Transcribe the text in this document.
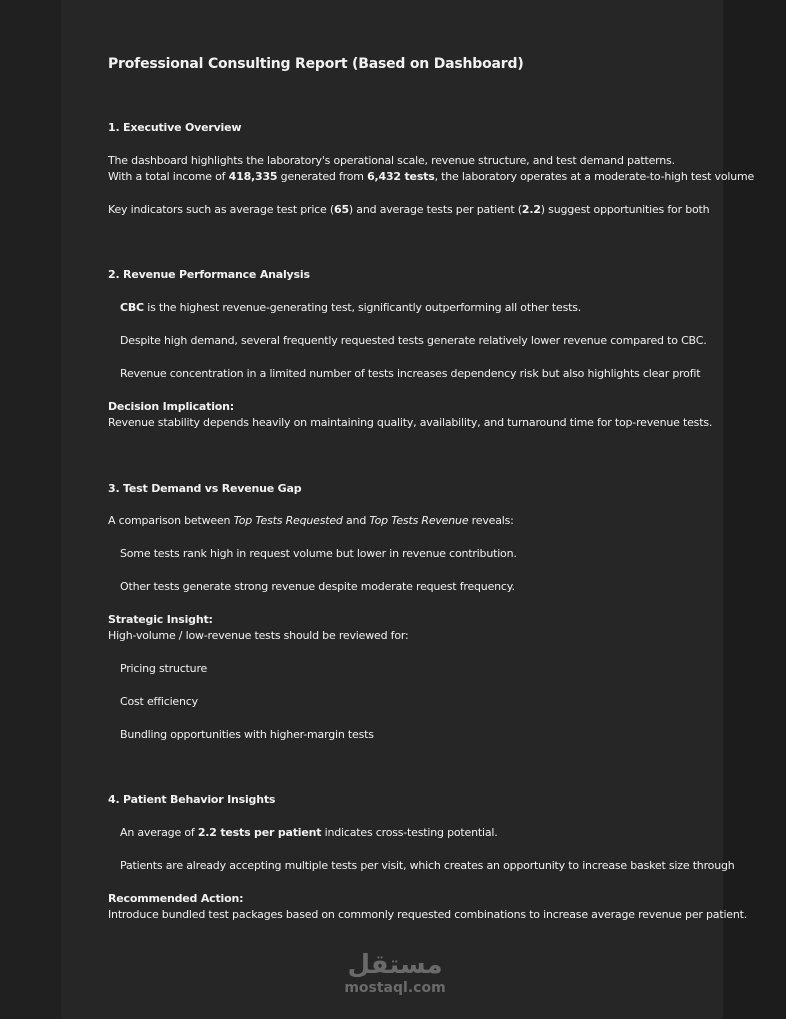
Professional Consulting Report (Based on Dashboard)
1. Executive Overview
The dashboard highlights the laboratory's operational scale, revenue structure, and test demand patterns.
With a total income of 418,335 generated from 6,432 tests, the laboratory operates at a moderate-to-high test volume
Key indicators such as average test price (65) and average tests per patient (2.2) suggest opportunities for both
2. Revenue Performance Analysis
CBC is the highest revenue-generating test, significantly outperforming all other tests.
Despite high demand, several frequently requested tests generate relatively lower revenue compared to CBC.
Revenue concentration in a limited number of tests increases dependency risk but also highlights clear profit
Decision Implication:
Revenue stability depends heavily on maintaining quality, availability, and turnaround time for top-revenue tests.
3. Test Demand vs Revenue Gap
A comparison between Top Tests Requested and Top Tests Revenue reveals:
Some tests rank high in request volume but lower in revenue contribution.
Other tests generate strong revenue despite moderate request frequency.
Strategic Insight:
High-volume / low-revenue tests should be reviewed for:
Pricing structure
Cost efficiency
Bundling opportunities with higher-margin tests
4. Patient Behavior Insights
An average of 2.2 tests per patient indicates cross-testing potential.
Patients are already accepting multiple tests per visit, which creates an opportunity to increase basket size through
Recommended Action:
Introduce bundled test packages based on commonly requested combinations to increase average revenue per patient.
مستقل
mostaql.com
